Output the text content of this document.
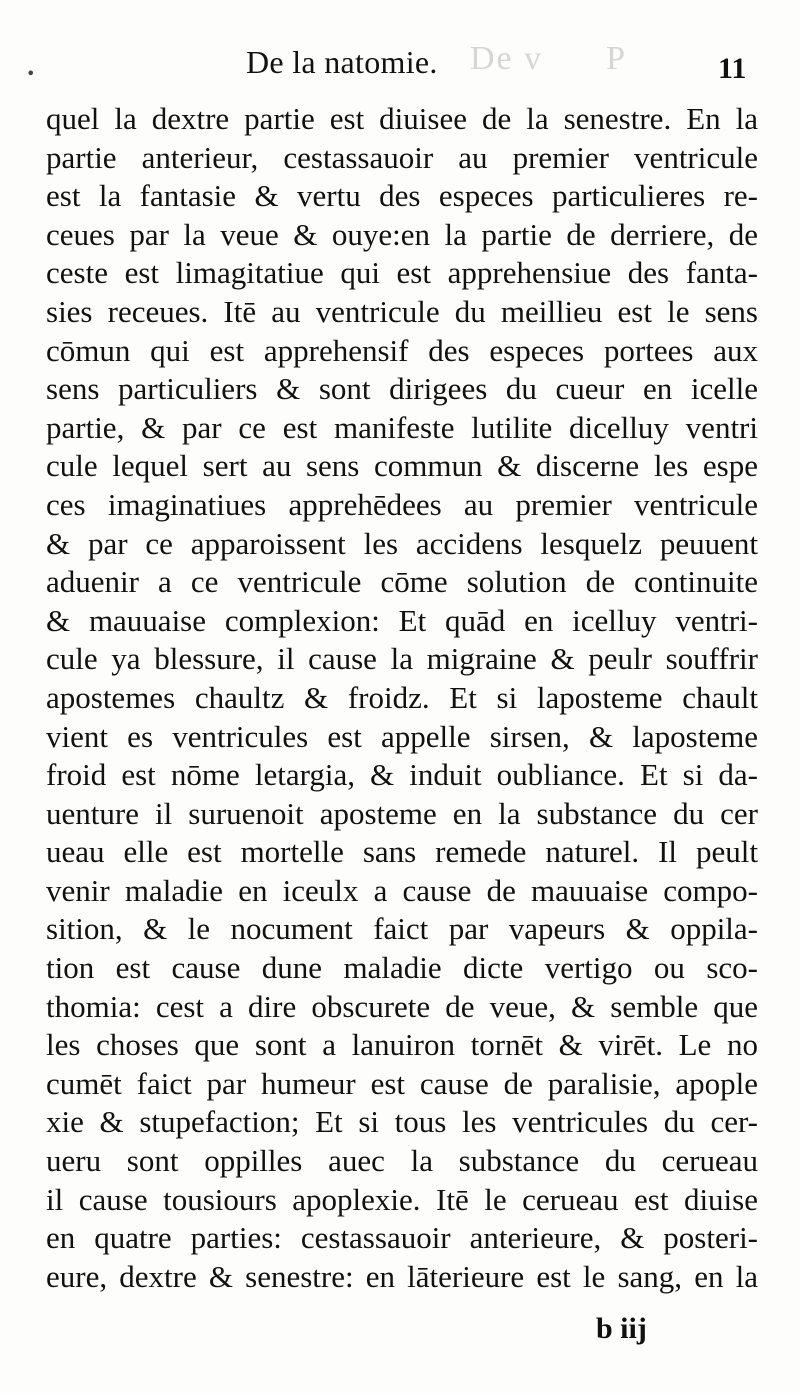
De v      P
•	De la natomie.	11
quel la dextre partie est diuisee de la senestre. En la
partie anterieur, cestassauoir au premier ventricule
est la fantasie & vertu des especes particulieres re-
ceues par la veue & ouye:en la partie de derriere, de
ceste est limagitatiue qui est apprehensiue des fanta-
sies receues. Itē au ventricule du meillieu est le sens
cōmun qui est apprehensif des especes portees aux
sens particuliers & sont dirigees du cueur en icelle
partie, & par ce est manifeste lutilite dicelluy ventri
cule lequel sert au sens commun & discerne les espe
ces imaginatiues apprehēdees au premier ventricule
& par ce apparoissent les accidens lesquelz peuuent
aduenir a ce ventricule cōme solution de continuite
& mauuaise complexion: Et quād en icelluy ventri-
cule ya blessure, il cause la migraine & peulr souffrir
apostemes chaultz & froidz. Et si laposteme chault
vient es ventricules est appelle sirsen, & laposteme
froid est nōme letargia, & induit oubliance. Et si da-
uenture il suruenoit aposteme en la substance du cer
ueau elle est mortelle sans remede naturel. Il peult
venir maladie en iceulx a cause de mauuaise compo-
sition, & le nocument faict par vapeurs & oppila-
tion est cause dune maladie dicte vertigo ou sco-
thomia: cest a dire obscurete de veue, & semble que
les choses que sont a lanuiron tornēt & virēt. Le no
cumēt faict par humeur est cause de paralisie, apople
xie & stupefaction; Et si tous les ventricules du cer-
ueru sont oppilles auec la substance du cerueau
il cause tousiours apoplexie. Itē le cerueau est diuise
en quatre parties: cestassauoir anterieure, & posteri-
eure, dextre & senestre: en lāterieure est le sang, en la
b iij
